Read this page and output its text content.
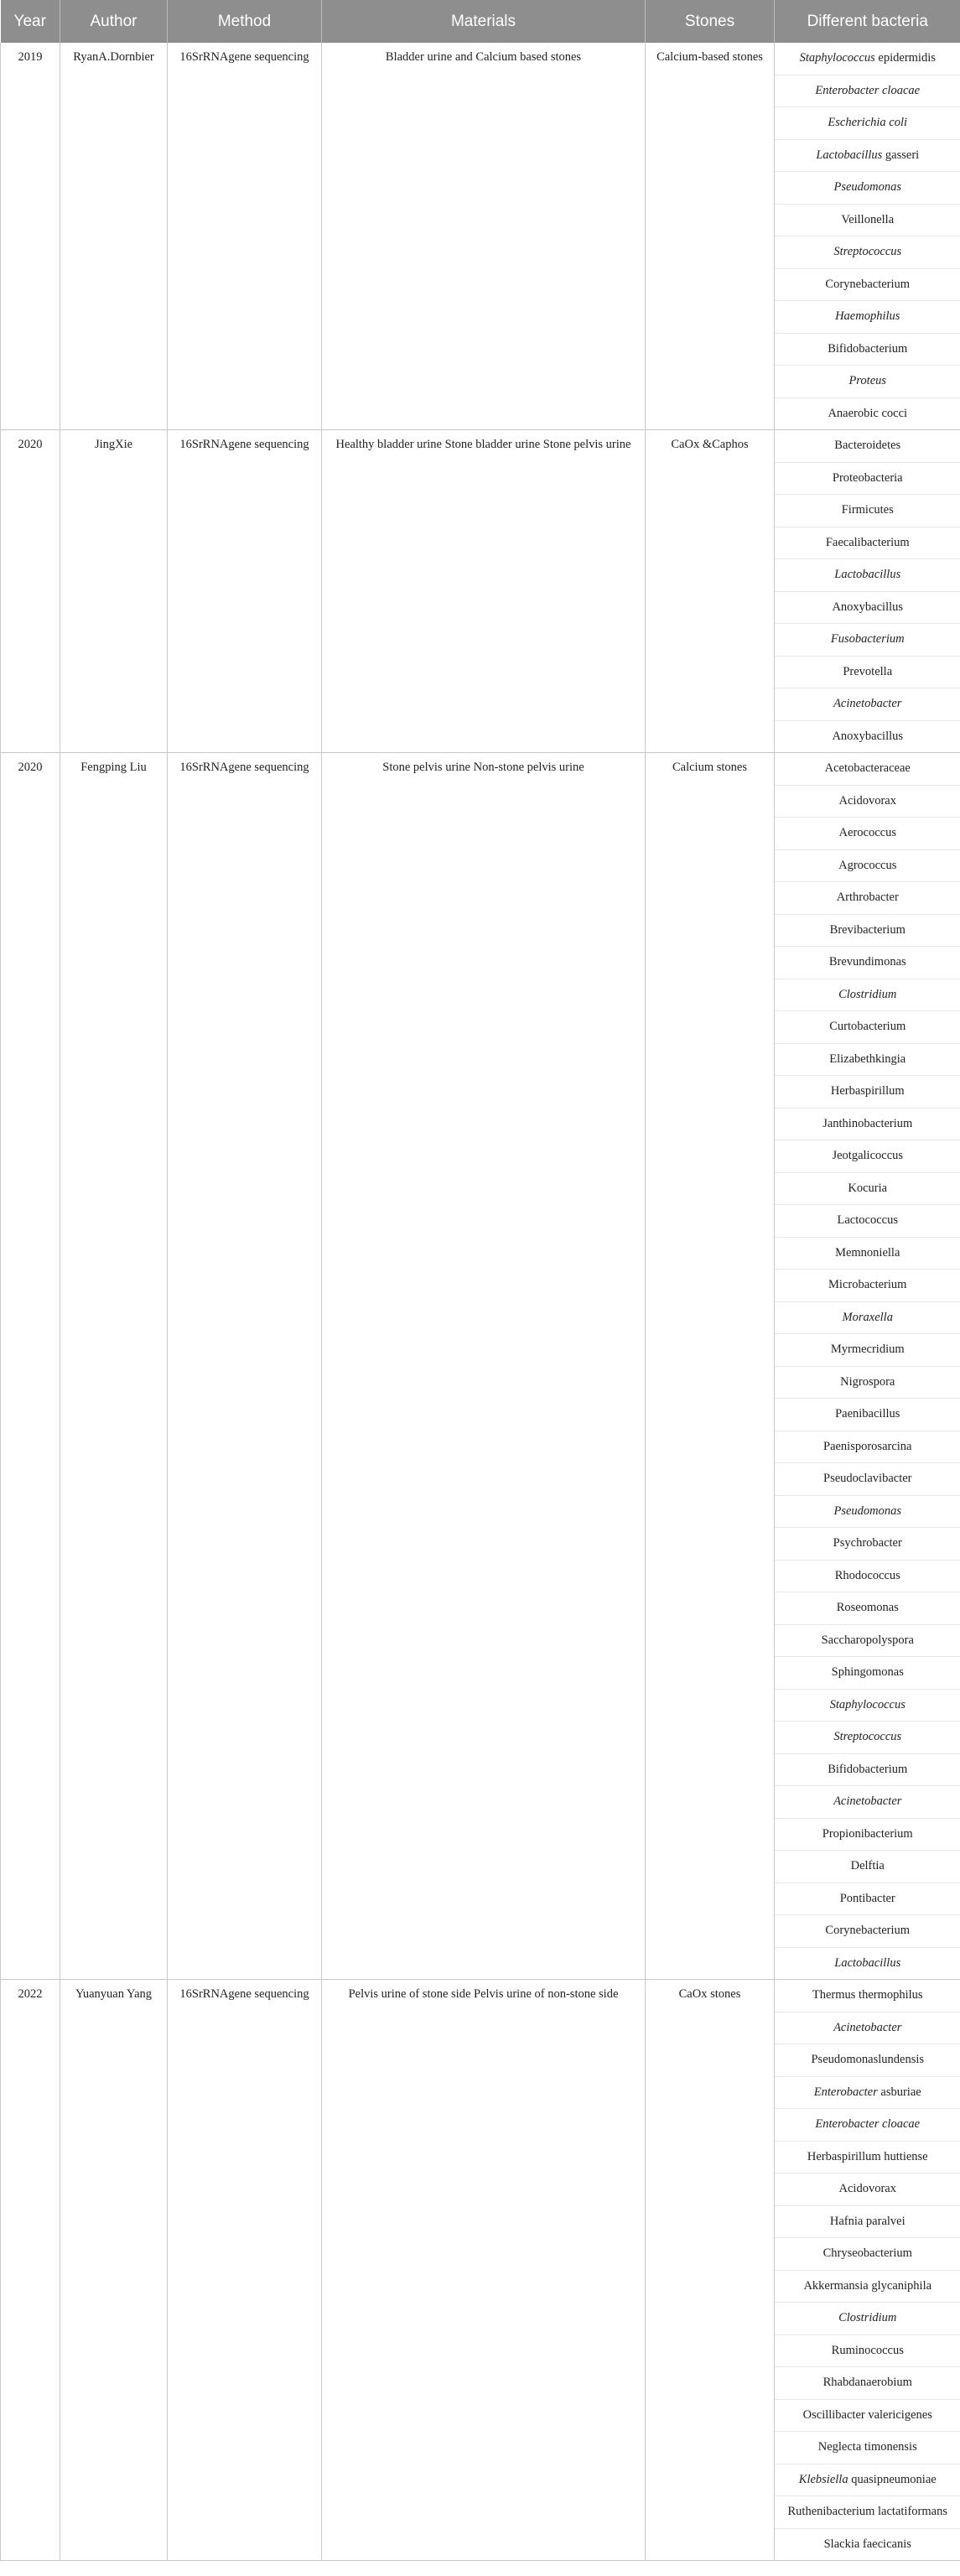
Year	Author	Method	Materials	Stones	Different bacteria
2019	RyanA.Dornbier	16SrRNAgene sequencing	Bladder urine and Calcium based stones	Calcium-based stones	Staphylococcus epidermidis
					Enterobacter cloacae
					Escherichia coli
					Lactobacillus gasseri
					Pseudomonas
					Veillonella
					Streptococcus
					Corynebacterium
					Haemophilus
					Bifidobacterium
					Proteus
					Anaerobic cocci
2020	JingXie	16SrRNAgene sequencing	Healthy bladder urine Stone bladder urine Stone pelvis urine	CaOx &Caphos	Bacteroidetes
					Proteobacteria
					Firmicutes
					Faecalibacterium
					Lactobacillus
					Anoxybacillus
					Fusobacterium
					Prevotella
					Acinetobacter
					Anoxybacillus
2020	Fengping Liu	16SrRNAgene sequencing	Stone pelvis urine Non-stone pelvis urine	Calcium stones	Acetobacteraceae
					Acidovorax
					Aerococcus
					Agrococcus
					Arthrobacter
					Brevibacterium
					Brevundimonas
					Clostridium
					Curtobacterium
					Elizabethkingia
					Herbaspirillum
					Janthinobacterium
					Jeotgalicoccus
					Kocuria
					Lactococcus
					Memnoniella
					Microbacterium
					Moraxella
					Myrmecridium
					Nigrospora
					Paenibacillus
					Paenisporosarcina
					Pseudoclavibacter
					Pseudomonas
					Psychrobacter
					Rhodococcus
					Roseomonas
					Saccharopolyspora
					Sphingomonas
					Staphylococcus
					Streptococcus
					Bifidobacterium
					Acinetobacter
					Propionibacterium
					Delftia
					Pontibacter
					Corynebacterium
					Lactobacillus
2022	Yuanyuan Yang	16SrRNAgene sequencing	Pelvis urine of stone side Pelvis urine of non-stone side	CaOx stones	Thermus thermophilus
					Acinetobacter
					Pseudomonaslundensis
					Enterobacter asburiae
					Enterobacter cloacae
					Herbaspirillum huttiense
					Acidovorax
					Hafnia paralvei
					Chryseobacterium
					Akkermansia glycaniphila
					Clostridium
					Ruminococcus
					Rhabdanaerobium
					Oscillibacter valericigenes
					Neglecta timonensis
					Klebsiella quasipneumoniae
					Ruthenibacterium lactatiformans
					Slackia faecicanis
